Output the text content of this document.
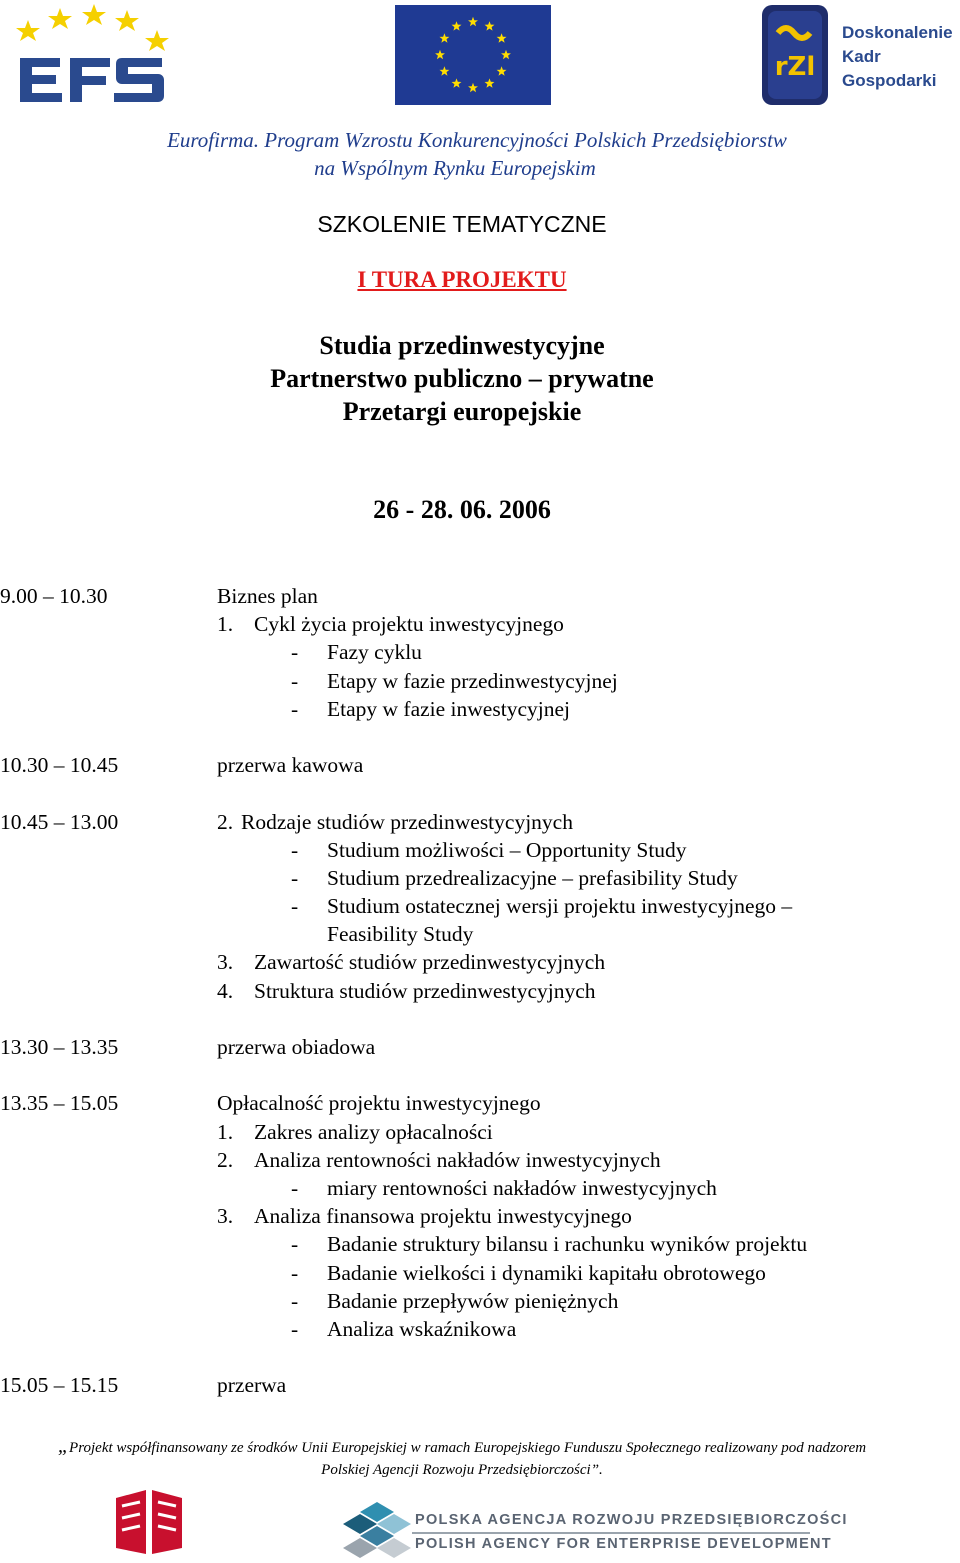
rZl
Doskonalenie
Kadr
Gospodarki
Eurofirma. Program Wzrostu Konkurencyjności Polskich Przedsiębiorstw
na Wspólnym Rynku Europejskim
SZKOLENIE TEMATYCZNE
I TURA PROJEKTU
Studia przedinwestycyjne
Partnerstwo publiczno – prywatne
Przetargi europejskie
26 - 28. 06. 2006
9.00 – 10.30	Biznes plan
1. Cykl życia projektu inwestycyjnego
- Fazy cyklu
- Etapy w fazie przedinwestycyjnej
- Etapy w fazie inwestycyjnej
10.30 – 10.45	przerwa kawowa
10.45 – 13.00	2. Rodzaje studiów przedinwestycyjnych
- Studium możliwości – Opportunity Study
- Studium przedrealizacyjne – prefasibility Study
- Studium ostatecznej wersji projektu inwestycyjnego –
Feasibility Study
3. Zawartość studiów przedinwestycyjnych
4. Struktura studiów przedinwestycyjnych
13.30 – 13.35	przerwa obiadowa
13.35 – 15.05	Opłacalność projektu inwestycyjnego
1. Zakres analizy opłacalności
2. Analiza rentowności nakładów inwestycyjnych
- miary rentowności nakładów inwestycyjnych
3. Analiza finansowa projektu inwestycyjnego
- Badanie struktury bilansu i rachunku wyników projektu
- Badanie wielkości i dynamiki kapitału obrotowego
- Badanie przepływów pieniężnych
- Analiza wskaźnikowa
15.05 – 15.15	przerwa
„Projekt współfinansowany ze środków Unii Europejskiej w ramach Europejskiego Funduszu Społecznego realizowany pod nadzorem
Polskiej Agencji Rozwoju Przedsiębiorczości”.
POLSKA AGENCJA ROZWOJU PRZEDSIĘBIORCZOŚCI
POLISH AGENCY FOR ENTERPRISE DEVELOPMENT
